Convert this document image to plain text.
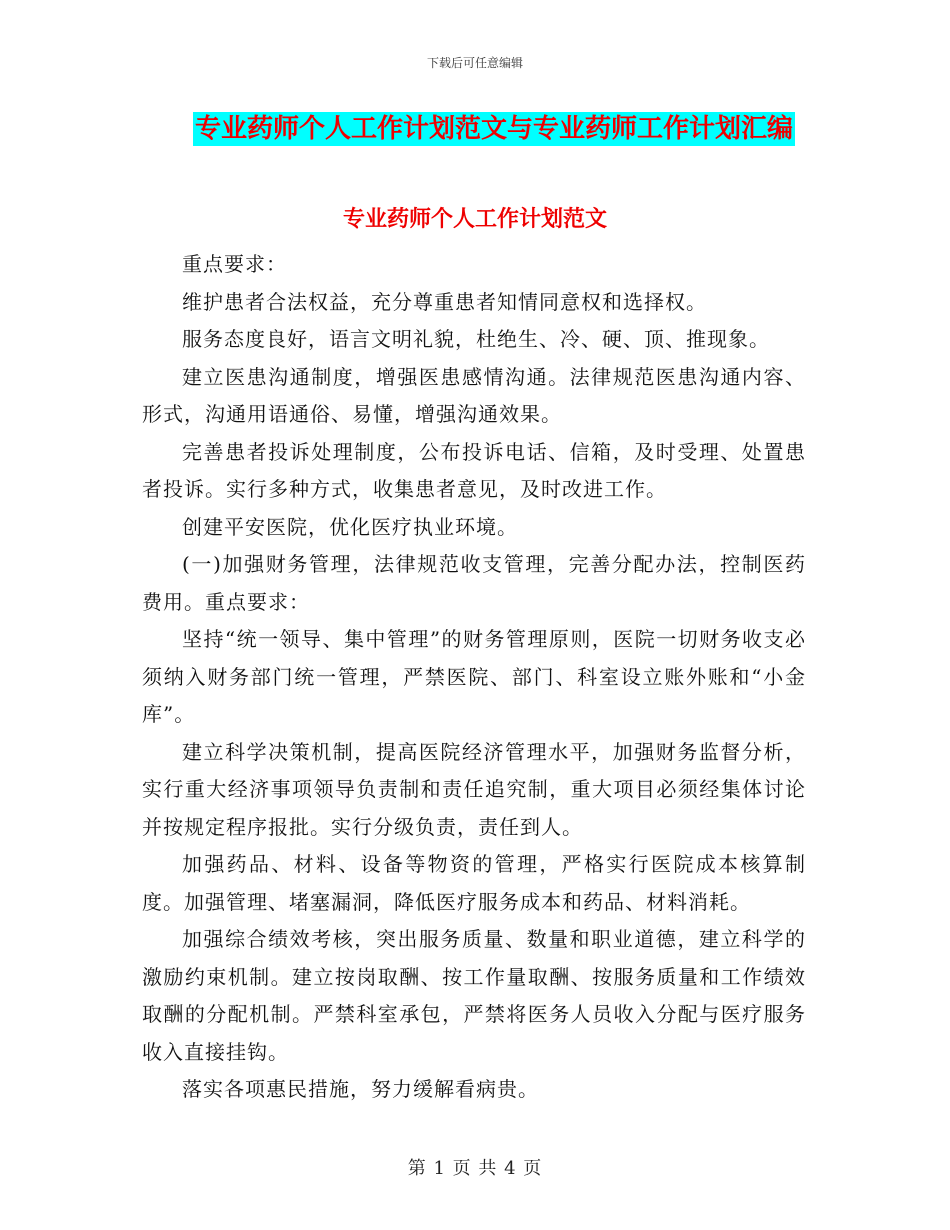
下载后可任意编辑
专业药师个人工作计划范文与专业药师工作计划汇编
专业药师个人工作计划范文

重点要求：

维护患者合法权益，充分尊重患者知情同意权和选择权。

服务态度良好，语言文明礼貌，杜绝生、冷、硬、顶、推现象。

建立医患沟通制度，增强医患感情沟通。法律规范医患沟通内容、形式，沟通用语通俗、易懂，增强沟通效果。

完善患者投诉处理制度，公布投诉电话、信箱，及时受理、处置患者投诉。实行多种方式，收集患者意见，及时改进工作。

创建平安医院，优化医疗执业环境。

(一)加强财务管理，法律规范收支管理，完善分配办法，控制医药费用。重点要求：

坚持“统一领导、集中管理”的财务管理原则，医院一切财务收支必须纳入财务部门统一管理，严禁医院、部门、科室设立账外账和“小金库”。

建立科学决策机制，提高医院经济管理水平，加强财务监督分析，实行重大经济事项领导负责制和责任追究制，重大项目必须经集体讨论并按规定程序报批。实行分级负责，责任到人。

加强药品、材料、设备等物资的管理，严格实行医院成本核算制度。加强管理、堵塞漏洞，降低医疗服务成本和药品、材料消耗。

加强综合绩效考核，突出服务质量、数量和职业道德，建立科学的激励约束机制。建立按岗取酬、按工作量取酬、按服务质量和工作绩效取酬的分配机制。严禁科室承包，严禁将医务人员收入分配与医疗服务收入直接挂钩。

落实各项惠民措施，努力缓解看病贵。

第 1 页 共 4 页
